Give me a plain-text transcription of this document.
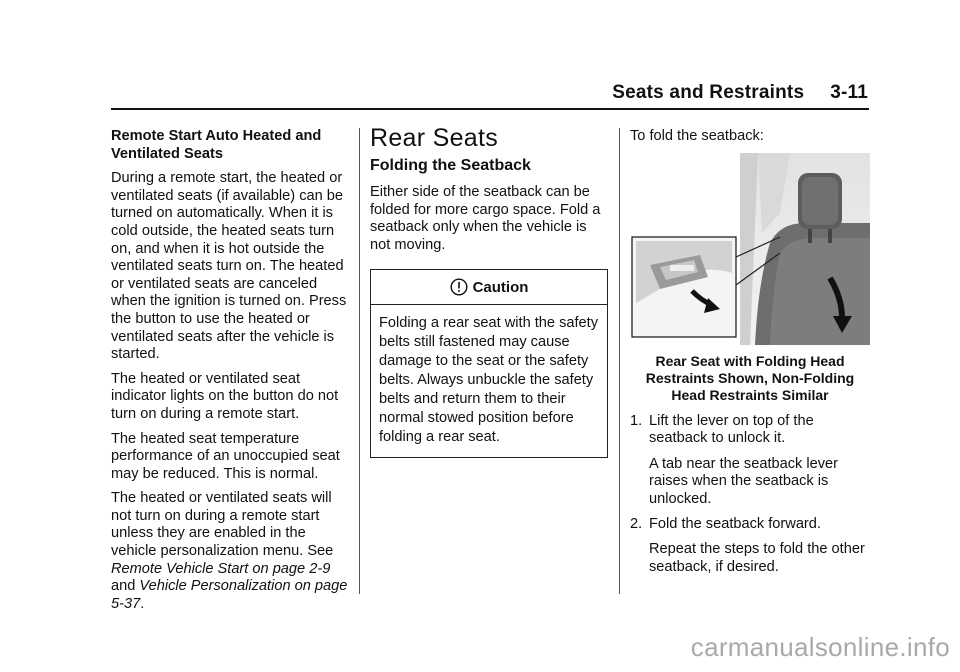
Seats and Restraints 3-11

Remote Start Auto Heated and Ventilated Seats

During a remote start, the heated or ventilated seats (if available) can be turned on automatically. When it is cold outside, the heated seats turn on, and when it is hot outside the ventilated seats turn on. The heated or ventilated seats are canceled when the ignition is turned on. Press the button to use the heated or ventilated seats after the vehicle is started.

The heated or ventilated seat indicator lights on the button do not turn on during a remote start.

The heated seat temperature performance of an unoccupied seat may be reduced. This is normal.

The heated or ventilated seats will not turn on during a remote start unless they are enabled in the vehicle personalization menu. See Remote Vehicle Start on page 2-9 and Vehicle Personalization on page 5-37.

Rear Seats
Folding the Seatback

Either side of the seatback can be folded for more cargo space. Fold a seatback only when the vehicle is not moving.

Caution
Folding a rear seat with the safety belts still fastened may cause damage to the seat or the safety belts. Always unbuckle the safety belts and return them to their normal stowed position before folding a rear seat.

To fold the seatback:

Rear Seat with Folding Head Restraints Shown, Non-Folding Head Restraints Similar
1. Lift the lever on top of the seatback to unlock it.

A tab near the seatback lever raises when the seatback is unlocked.

2. Fold the seatback forward.

Repeat the steps to fold the other seatback, if desired.

carmanualsonline.info
